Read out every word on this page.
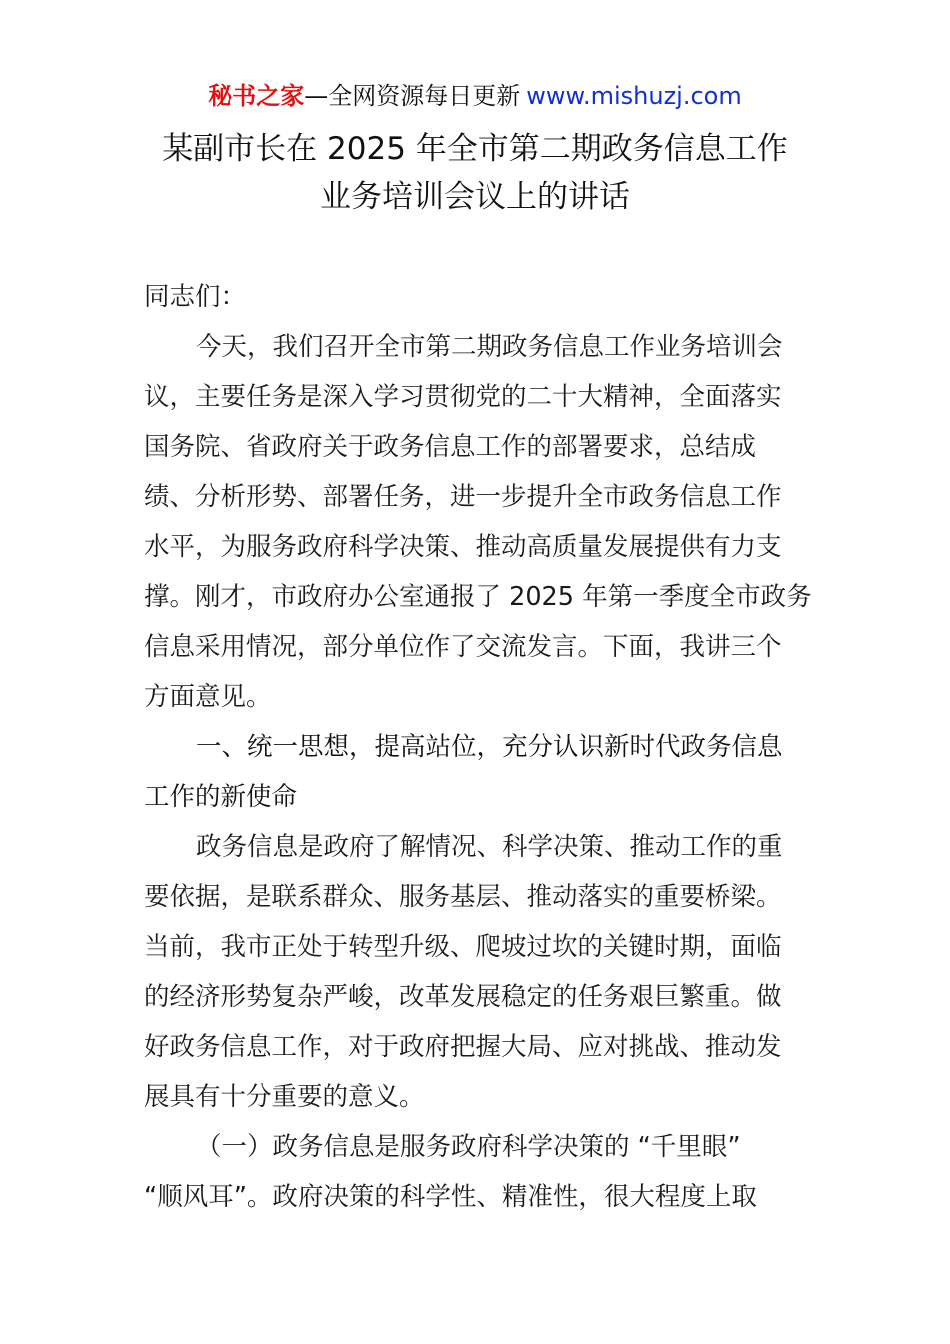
秘书之家—全网资源每日更新 www.mishuzj.com
某副市长在 2025 年全市第二期政务信息工作
业务培训会议上的讲话
同志们：
今天，我们召开全市第二期政务信息工作业务培训会
议，主要任务是深入学习贯彻党的二十大精神，全面落实
国务院、省政府关于政务信息工作的部署要求，总结成
绩、分析形势、部署任务，进一步提升全市政务信息工作
水平，为服务政府科学决策、推动高质量发展提供有力支
撑。刚才，市政府办公室通报了 2025 年第一季度全市政务
信息采用情况，部分单位作了交流发言。下面，我讲三个
方面意见。
一、统一思想，提高站位，充分认识新时代政务信息
工作的新使命
政务信息是政府了解情况、科学决策、推动工作的重
要依据，是联系群众、服务基层、推动落实的重要桥梁。
当前，我市正处于转型升级、爬坡过坎的关键时期，面临
的经济形势复杂严峻，改革发展稳定的任务艰巨繁重。做
好政务信息工作，对于政府把握大局、应对挑战、推动发
展具有十分重要的意义。
（一）政务信息是服务政府科学决策的 “千里眼”
“顺风耳”。政府决策的科学性、精准性，很大程度上取
